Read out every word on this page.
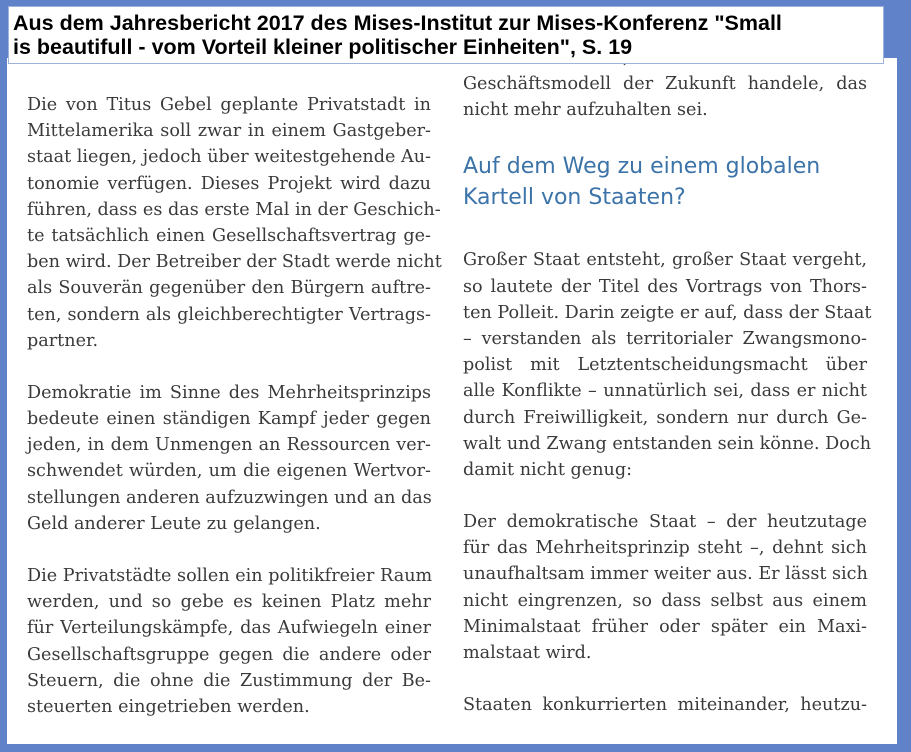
Die von Titus Gebel geplante Privatstadt in
Mittelamerika soll zwar in einem Gastgeber-
staat liegen, jedoch über weitestgehende Au-
tonomie verfügen. Dieses Projekt wird dazu
führen, dass es das erste Mal in der Geschich-
te tatsächlich einen Gesellschaftsvertrag ge-
ben wird. Der Betreiber der Stadt werde nicht
als Souverän gegenüber den Bürgern auftre-
ten, sondern als gleichberechtigter Vertrags-
partner.
Demokratie im Sinne des Mehrheitsprinzips
bedeute einen ständigen Kampf jeder gegen
jeden, in dem Unmengen an Ressourcen ver-
schwendet würden, um die eigenen Wertvor-
stellungen anderen aufzuzwingen und an das
Geld anderer Leute zu gelangen.
Die Privatstädte sollen ein politikfreier Raum
werden, und so gebe es keinen Platz mehr
für Verteilungskämpfe, das Aufwiegeln einer
Gesellschaftsgruppe gegen die andere oder
Steuern, die ohne die Zustimmung der Be-
steuerten eingetrieben werden.
Geschäftsmodell der Zukunft handele, das
nicht mehr aufzuhalten sei.
Auf dem Weg zu einem globalen
Kartell von Staaten?
Großer Staat entsteht, großer Staat vergeht,
so lautete der Titel des Vortrags von Thors-
ten Polleit. Darin zeigte er auf, dass der Staat
– verstanden als territorialer Zwangsmono-
polist mit Letztentscheidungsmacht über
alle Konflikte – unnatürlich sei, dass er nicht
durch Freiwilligkeit, sondern nur durch Ge-
walt und Zwang entstanden sein könne. Doch
damit nicht genug:
Der demokratische Staat – der heutzutage
für das Mehrheitsprinzip steht –, dehnt sich
unaufhaltsam immer weiter aus. Er lässt sich
nicht eingrenzen, so dass selbst aus einem
Minimalstaat früher oder später ein Maxi-
malstaat wird.
Staaten konkurrierten miteinander, heutzu-
Aus dem Jahresbericht 2017 des Mises-Institut zur Mises-Konferenz "Small
is beautifull - vom Vorteil kleiner politischer Einheiten", S. 19
